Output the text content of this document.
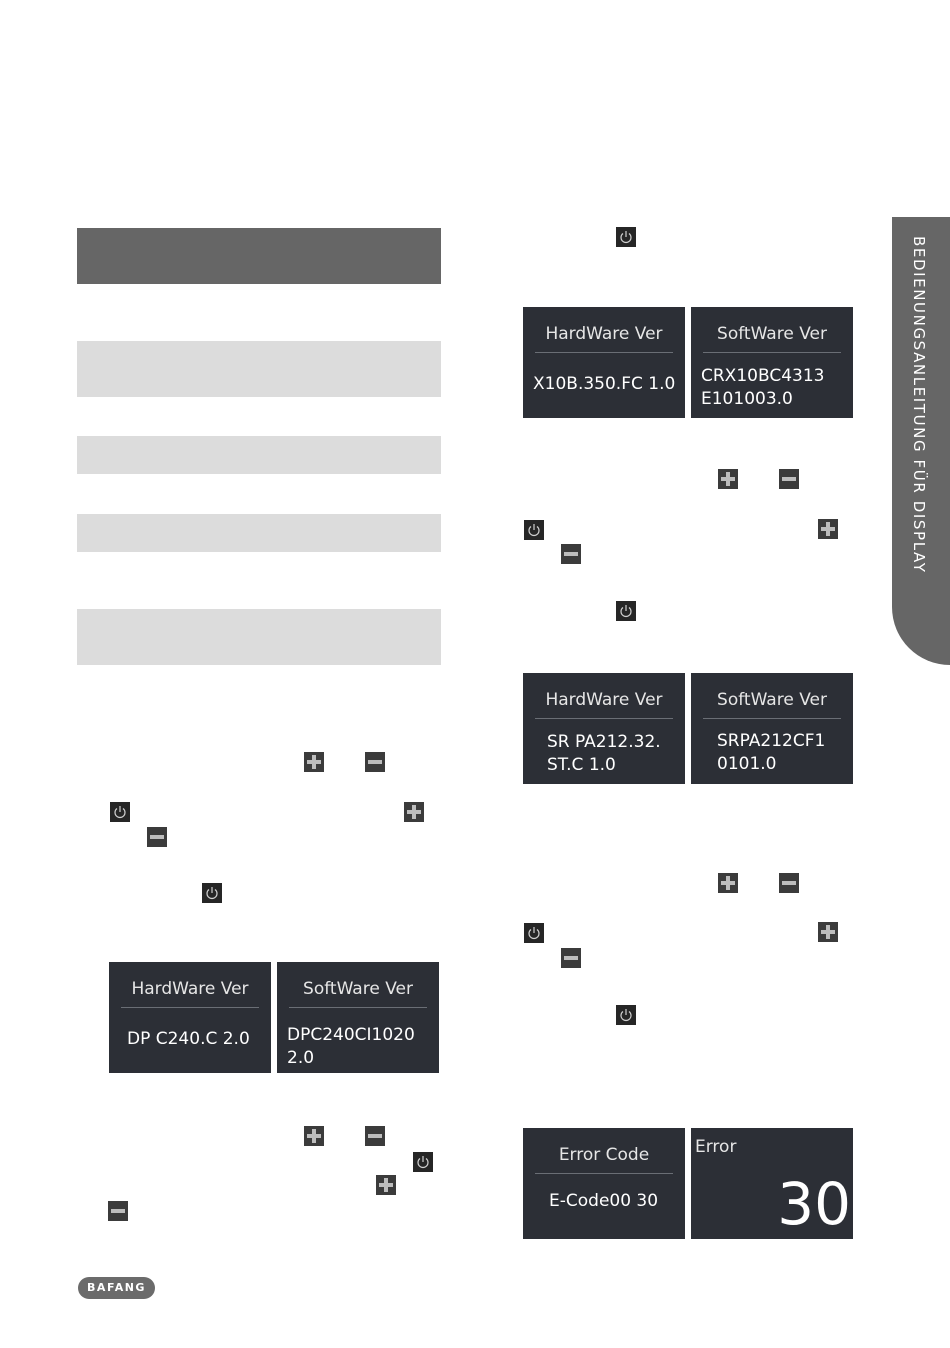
HardWare Ver
DP C240.C 2.0
SoftWare Ver
DPC240CI1020
2.0
HardWare Ver
X10B.350.FC 1.0
SoftWare Ver
CRX10BC4313
E101003.0
HardWare Ver
SR PA212.32.
ST.C 1.0
SoftWare Ver
SRPA212CF1
0101.0
Error Code
E-Code00 30
Error
30
BEDIENUNGSANLEITUNG FÜR DISPLAY
BAFANG
